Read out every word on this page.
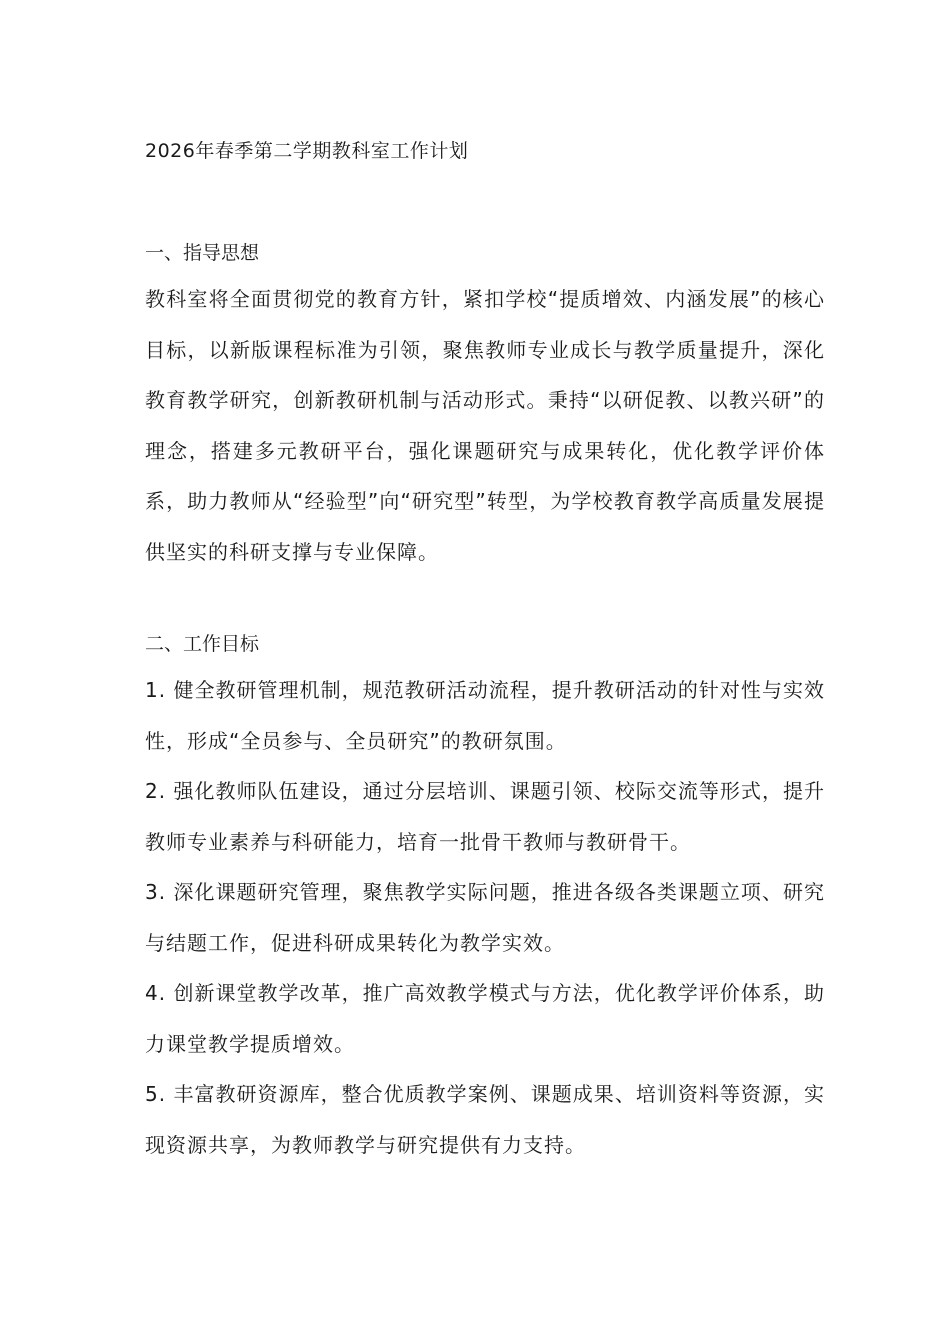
2026年春季第二学期教科室工作计划
一、指导思想

教科室将全面贯彻党的教育方针，紧扣学校“提质增效、内涵发展”的核心目标，以新版课程标准为引领，聚焦教师专业成长与教学质量提升，深化教育教学研究，创新教研机制与活动形式。秉持“以研促教、以教兴研”的理念，搭建多元教研平台，强化课题研究与成果转化，优化教学评价体系，助力教师从“经验型”向“研究型”转型，为学校教育教学高质量发展提供坚实的科研支撑与专业保障。

二、工作目标

1. 健全教研管理机制，规范教研活动流程，提升教研活动的针对性与实效性，形成“全员参与、全员研究”的教研氛围。

2. 强化教师队伍建设，通过分层培训、课题引领、校际交流等形式，提升教师专业素养与科研能力，培育一批骨干教师与教研骨干。

3. 深化课题研究管理，聚焦教学实际问题，推进各级各类课题立项、研究与结题工作，促进科研成果转化为教学实效。

4. 创新课堂教学改革，推广高效教学模式与方法，优化教学评价体系，助力课堂教学提质增效。

5. 丰富教研资源库，整合优质教学案例、课题成果、培训资料等资源，实现资源共享，为教师教学与研究提供有力支持。
